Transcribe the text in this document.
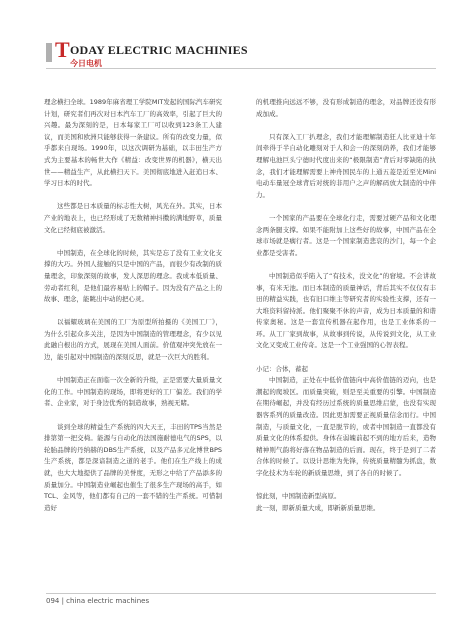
T ODAY ELECTRIC MACHINIES
今日电机

理念横扫全球。1989年麻省理工学院MIT发起的国际汽车研究计划，研究者们再次对日本汽车工厂的高效率，引起了巨大的兴趣。最为深刻的是，日本每家工厂可以收到123条工人建议，而美国和欧洲只能够获得一条建议。所有的改变力量，似乎都来自现场。1990年，以这次调研为基础，以丰田生产方式为主要基本的畅世大作《精益：改变世界的机器》，横天出世——精益生产，从此横扫天下。美国彻底地进入赶追日本、学习日本的时代。

这些都是日本质量的标志性大树，风光在外。其实，日本产业的地表上，也已经形成了无数精神抖擞的满地野草，质量文化已经彻底被激活。

中国制造，在全球化的时候，其实是忘了没有工业文化支撑的大巧。外国人接触的只是中国的产品，而很少有改制的质量理念，印象深刻的故事，发人深思的理念。我成本低质量、劳动者红利，是他们最容易贴上的帽子。因为没有产品之上的故事、理念，能眺出中动的把心灵。

以福耀玻璃在美国的工厂为原型所拍摄的《美国工厂》，为什么引起众多关注，是因为中国制造的管理理念，有少以见此融自根出的方式，展现在美国人面前。价值观冲突先放在一边，能引起对中国制造的深刻反思，就是一次巨大的胜利。

中国制造正在面临一次全新的升级，正是需要大量质量文化的工作。中国制造的现场，即将更好的工厂偏差。我们的学者、企业家，对于身边优秀的制造故事，熟视无睹。

谈到全球的精益生产系统的四大天王，丰田的TPS当然是排第第一把交椅。能源与自动化的法国施耐德电气的SPS，以轮胎品牌的丹纳赫的DBS生产系统，以及产品多元化博世BPS生产系统，都是深谙制造之道的老手。他们在生产线上的成就，也大大地提供了品牌的美誉度，无形之中给了产品添多的质量加分。中国制造业崛起也催生了很多生产现场的高手，如TCL、金风等，他们都有自己的一套不错的生产系统。可惜制造好

的机理推向远远不够，没有形成制造的理念，对品牌还没有形成加成。

只有深入工厂扒理念，我们才能理解制造狂人比亚迪十年间牵得于半自动化雕刻对于人和会一的深刻荫养，我们才能够理解电池巨头宁德时代度出来的“极限制造”背后对零缺陷的执念，我们才能理解需要上神舟国民车的上通五菱是近至光Mini电动车量冠全球背后对统的非用户之声的解码放大制造的中伴力。

一个国家的产品要在全球化行走，需要过硬产品和文化理念两条腿支撑。如果不能附加上这些好的故事，中国产品在全球市场就是瘸行者。这是一个国家制造悲哀的沙门，每一个企业都是受害者。

中国制造似乎陷入了“有技术，没文化”的窘境。不会讲故事，有米无池。而日本制造的质量神话，背后其实不仅仅有丰田的精益实践，也有旧口维主等研究者的实验性支撑，还有一大堆资料留持派。他们聚聚不休的声音，成为日本质量的和谐传家奥秘。这是一套宣传机器在起作用，也是工业体系的一环。从工厂家到故事，从故事到传说，从传说到文化，从工业文化又变成工业传奇。这是一个工业强国的心智表程。

小记：合体，蓄起

中国制造，正处在中低价值链向中高价值链的迈向，也是潮起的爬坡区。而质量突破，则是至关重要的引擎。中国制造在期待崛起，并没有经历过系统的质量思维启蒙，也没有实现器客系列的质量改造。因此更加需要正视质量信念而行。中国制造，与质量文化，一直是脱节的，或者中国制造一直都没有质量文化的体系提供。身体在弱魄前起不到的地方后来，造物精神则气韵将好落在物品制造的后面。现在，终于是到了二者合体的时候了。以设计思维为先锋，传统质量精髓为抓盘，数字化技术为车轮的新质量思维，到了各自的时候了。

惊此刻，中国制造新型高原。

此一刻，即新质量大成，即新新质量思维。

094 | china electric machines
